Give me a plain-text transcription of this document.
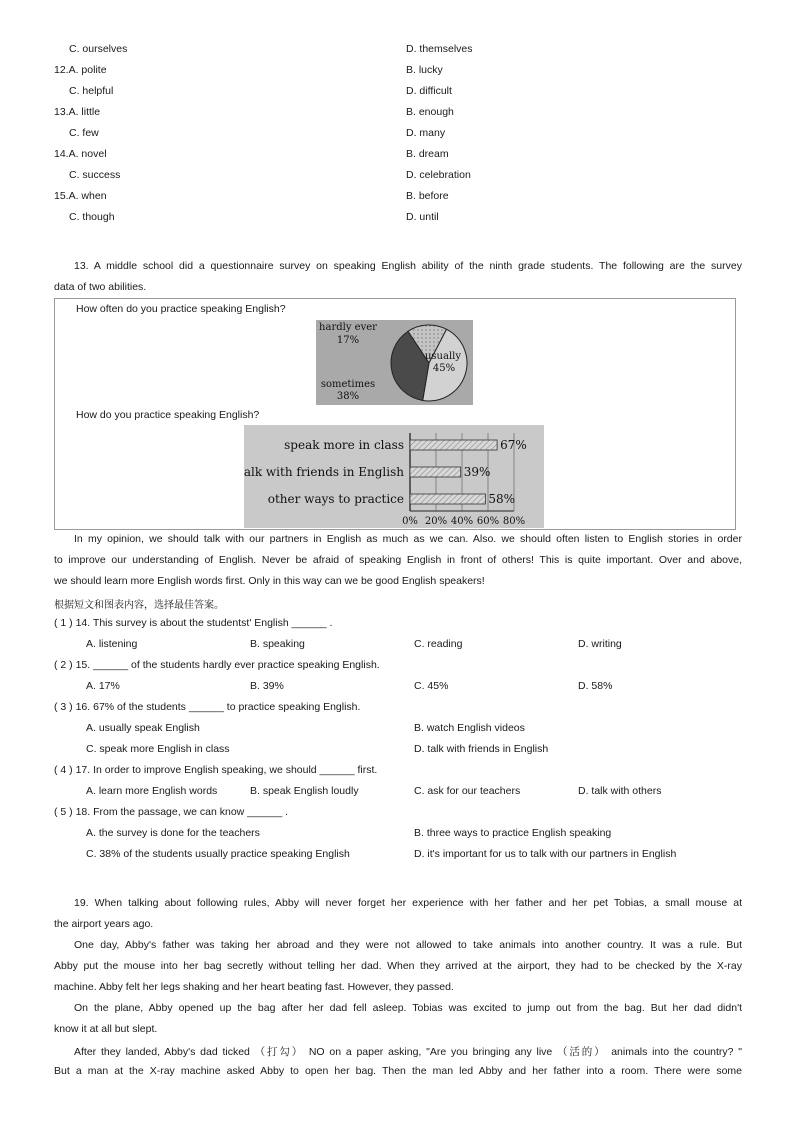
C. ourselves	D. themselves
12.A. polite	B. lucky
C. helpful	D. difficult
13.A. little	B. enough
C. few	D. many
14.A. novel	B. dream
C. success	D. celebration
15.A. when	B. before
C. though	D. until
13. A middle school did a questionnaire survey on speaking English ability of the ninth grade students. The following are the survey
data of two abilities.
How often do you practice speaking English?
hardly ever
17%
usually
45%
sometimes
38%
How do you practice speaking English?
0% 20% 40% 60% 80%
speak more in class	67%
talk with friends in English	39%
other ways to practice	58%
In my opinion, we should talk with our partners in English as much as we can. Also. we should often listen to English stories in order
to improve our understanding of English. Never be afraid of speaking English in front of others! This is quite important. Over and above,
we should learn more English words first. Only in this way can we be good English speakers!
根据短文和图表内容，选择最佳答案。
( 1 ) 14. This survey is about the studentst' English ______ .
A. listening	B. speaking	C. reading	D. writing
( 2 ) 15. ______ of the students hardly ever practice speaking English.
A. 17%	B. 39%	C. 45%	D. 58%
( 3 ) 16. 67% of the students ______ to practice speaking English.
A. usually speak English	B. watch English videos
C. speak more English in class	D. talk with friends in English
( 4 ) 17. In order to improve English speaking, we should ______ first.
A. learn more English words	B. speak English loudly	C. ask for our teachers	D. talk with others
( 5 ) 18. From the passage, we can know ______ .
A. the survey is done for the teachers	B. three ways to practice English speaking
C. 38% of the students usually practice speaking English	D. it's important for us to talk with our partners in English
19. When talking about following rules, Abby will never forget her experience with her father and her pet Tobias, a small mouse at
the airport years ago.
One day, Abby's father was taking her abroad and they were not allowed to take animals into another country. It was a rule. But
Abby put the mouse into her bag secretly without telling her dad. When they arrived at the airport, they had to be checked by the X-ray
machine. Abby felt her legs shaking and her heart beating fast. However, they passed.
On the plane, Abby opened up the bag after her dad fell asleep. Tobias was excited to jump out from the bag. But her dad didn't
know it at all but slept.
After they landed, Abby's dad ticked （打勾） NO on a paper asking, "Are you bringing any live （活的） animals into the country? "
But a man at the X-ray machine asked Abby to open her bag. Then the man led Abby and her father into a room. There were some
